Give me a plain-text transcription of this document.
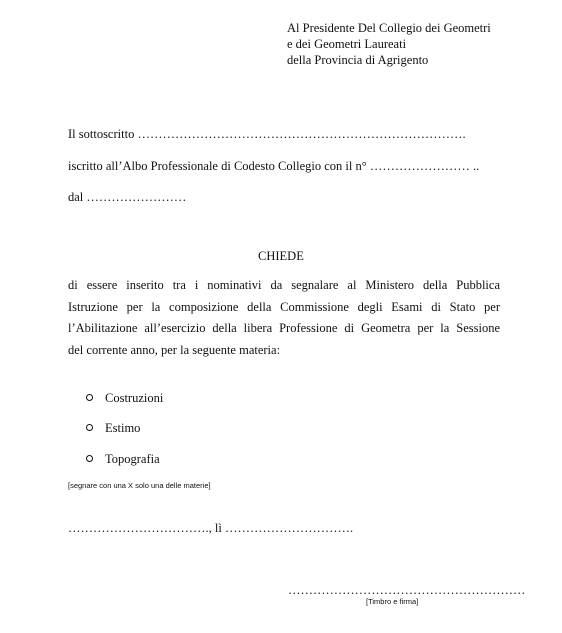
Al Presidente Del Collegio dei Geometri
e dei Geometri Laureati
della Provincia di Agrigento
Il sottoscritto …………………………………………………………………….
iscritto all’Albo Professionale di Codesto Collegio con il n° …………………… ..
dal ……………………
CHIEDE
di essere inserito tra i nominativi da segnalare al Ministero della Pubblica
Istruzione per la composizione della Commissione degli Esami di Stato per
l’Abilitazione all’esercizio della libera Professione di Geometra per la Sessione
del corrente anno, per la seguente materia:
Costruzioni
Estimo
Topografia
[segnare con una X solo una delle materie]
……………………………., lì ………………………….
…………………………………………………
[Timbro e firma]
